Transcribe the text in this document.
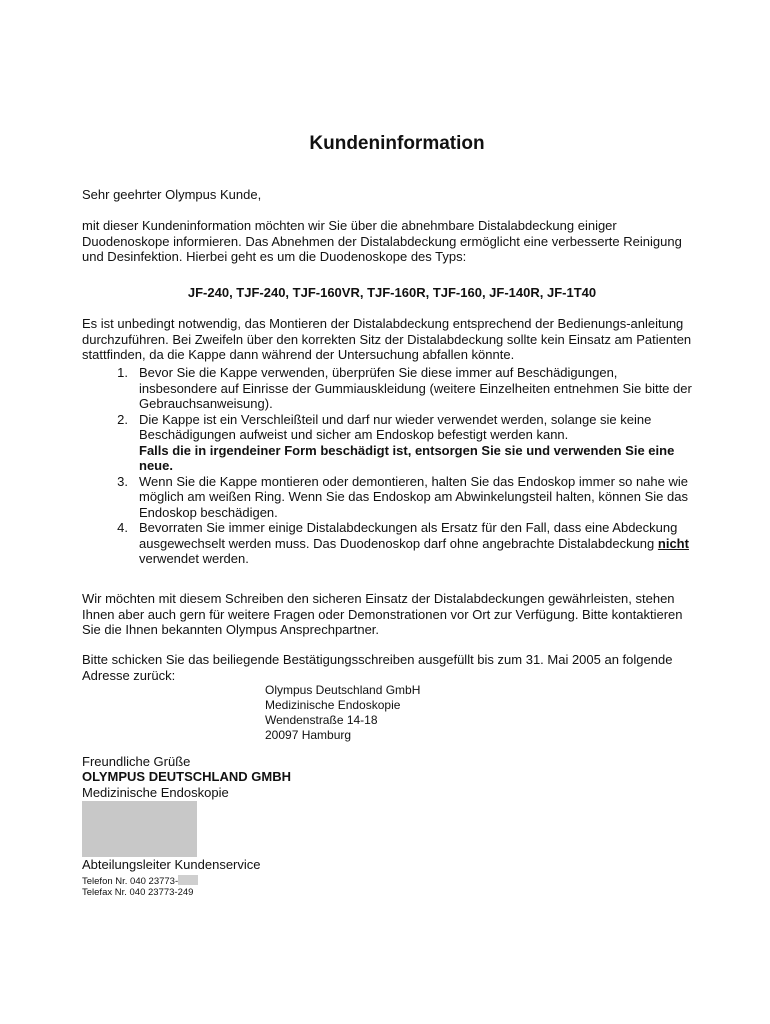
Kundeninformation

Sehr geehrter Olympus Kunde,

mit dieser Kundeninformation möchten wir Sie über die abnehmbare Distalabdeckung einiger Duodenoskope informieren. Das Abnehmen der Distalabdeckung ermöglicht eine verbesserte Reinigung und Desinfektion. Hierbei geht es um die Duodenoskope des Typs:

JF-240, TJF-240, TJF-160VR, TJF-160R, TJF-160, JF-140R, JF-1T40

Es ist unbedingt notwendig, das Montieren der Distalabdeckung entsprechend der Bedienungs-anleitung durchzuführen. Bei Zweifeln über den korrekten Sitz der Distalabdeckung sollte kein Einsatz am Patienten stattfinden, da die Kappe dann während der Untersuchung abfallen könnte.

1. Bevor Sie die Kappe verwenden, überprüfen Sie diese immer auf Beschädigungen, insbesondere auf Einrisse der Gummiauskleidung (weitere Einzelheiten entnehmen Sie bitte der Gebrauchsanweisung).
2. Die Kappe ist ein Verschleißteil und darf nur wieder verwendet werden, solange sie keine Beschädigungen aufweist und sicher am Endoskop befestigt werden kann.
Falls die in irgendeiner Form beschädigt ist, entsorgen Sie sie und verwenden Sie eine neue.
3. Wenn Sie die Kappe montieren oder demontieren, halten Sie das Endoskop immer so nahe wie möglich am weißen Ring. Wenn Sie das Endoskop am Abwinkelungsteil halten, können Sie das Endoskop beschädigen.
4. Bevorraten Sie immer einige Distalabdeckungen als Ersatz für den Fall, dass eine Abdeckung ausgewechselt werden muss. Das Duodenoskop darf ohne angebrachte Distalabdeckung nicht verwendet werden.

Wir möchten mit diesem Schreiben den sicheren Einsatz der Distalabdeckungen gewährleisten, stehen Ihnen aber auch gern für weitere Fragen oder Demonstrationen vor Ort zur Verfügung. Bitte kontaktieren Sie die Ihnen bekannten Olympus Ansprechpartner.

Bitte schicken Sie das beiliegende Bestätigungsschreiben ausgefüllt bis zum 31. Mai 2005 an folgende Adresse zurück:

Olympus Deutschland GmbH
Medizinische Endoskopie
Wendenstraße 14-18
20097 Hamburg

Freundliche Grüße

OLYMPUS DEUTSCHLAND GMBH

Medizinische Endoskopie

Abteilungsleiter Kundenservice

Telefon Nr. 040 23773-
Telefax Nr. 040 23773-249
